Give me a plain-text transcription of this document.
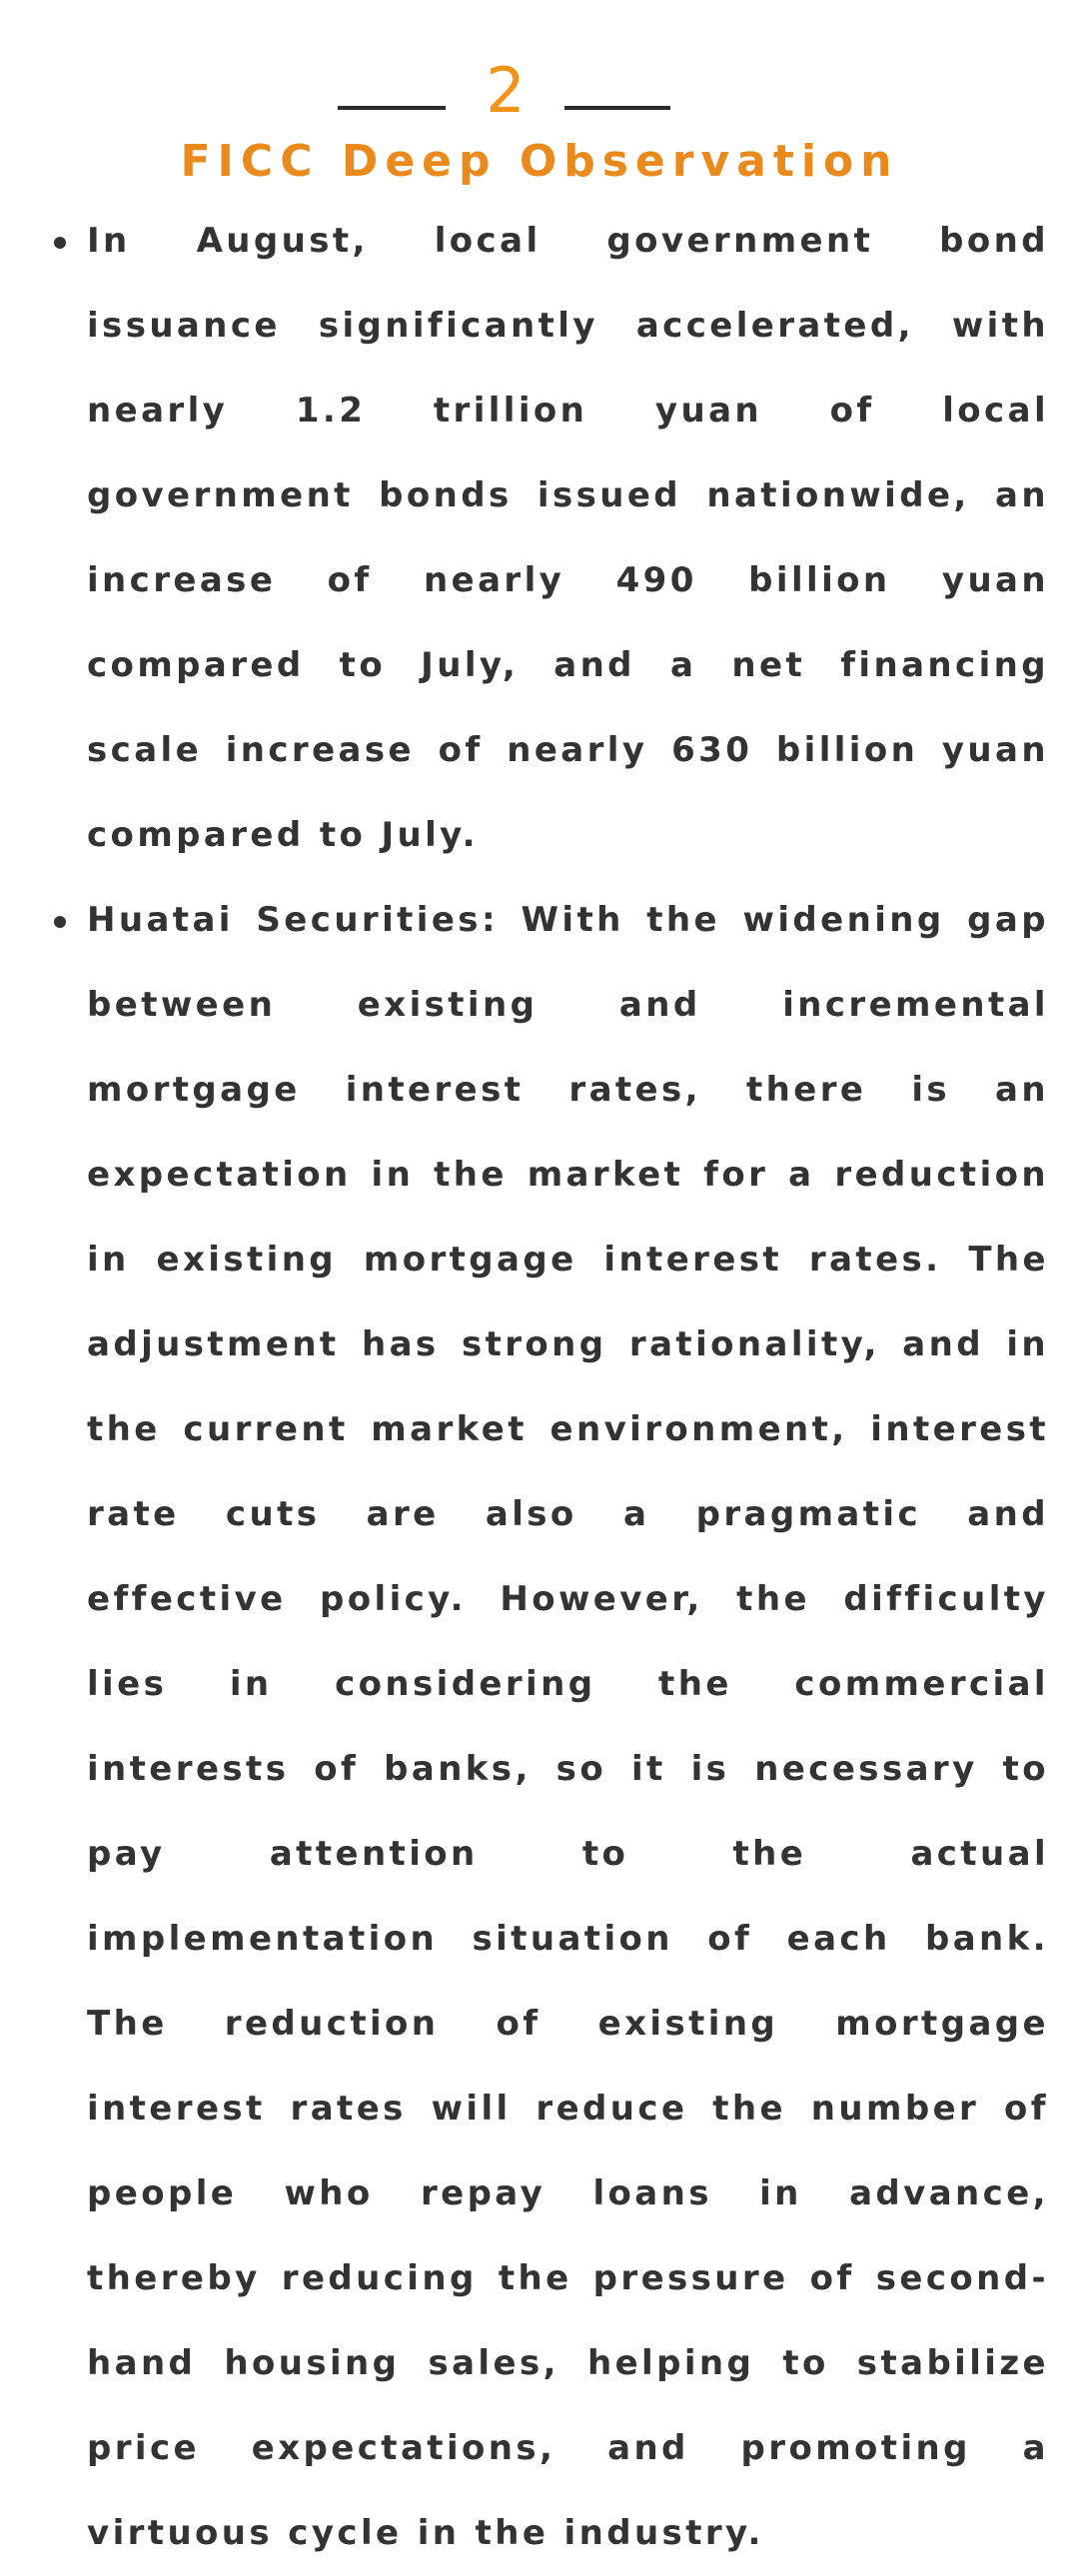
2
FICC Deep Observation

In August, local government bond issuance significantly accelerated, with nearly 1.2 trillion yuan of local government bonds issued nationwide, an increase of nearly 490 billion yuan compared to July, and a net financing scale increase of nearly 630 billion yuan compared to July.

Huatai Securities: With the widening gap between existing and incremental mortgage interest rates, there is an expectation in the market for a reduction in existing mortgage interest rates. The adjustment has strong rationality, and in the current market environment, interest rate cuts are also a pragmatic and effective policy. However, the difficulty lies in considering the commercial interests of banks, so it is necessary to pay attention to the actual implementation situation of each bank. The reduction of existing mortgage interest rates will reduce the number of people who repay loans in advance, thereby reducing the pressure of second-hand housing sales, helping to stabilize price expectations, and promoting a virtuous cycle in the industry.
